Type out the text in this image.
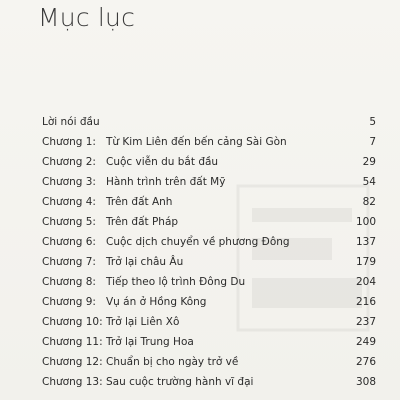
Mục lục
Lời nói đầu	5
Chương 1: Từ Kim Liên đến bến cảng Sài Gòn	7
Chương 2: Cuộc viễn du bắt đầu	29
Chương 3: Hành trình trên đất Mỹ	54
Chương 4: Trên đất Anh	82
Chương 5: Trên đất Pháp	100
Chương 6: Cuộc dịch chuyển về phương Đông	137
Chương 7: Trở lại châu Âu	179
Chương 8: Tiếp theo lộ trình Đông Du	204
Chương 9: Vụ án ở Hồng Kông	216
Chương 10: Trở lại Liên Xô	237
Chương 11: Trở lại Trung Hoa	249
Chương 12: Chuẩn bị cho ngày trở về	276
Chương 13: Sau cuộc trường hành vĩ đại	308
